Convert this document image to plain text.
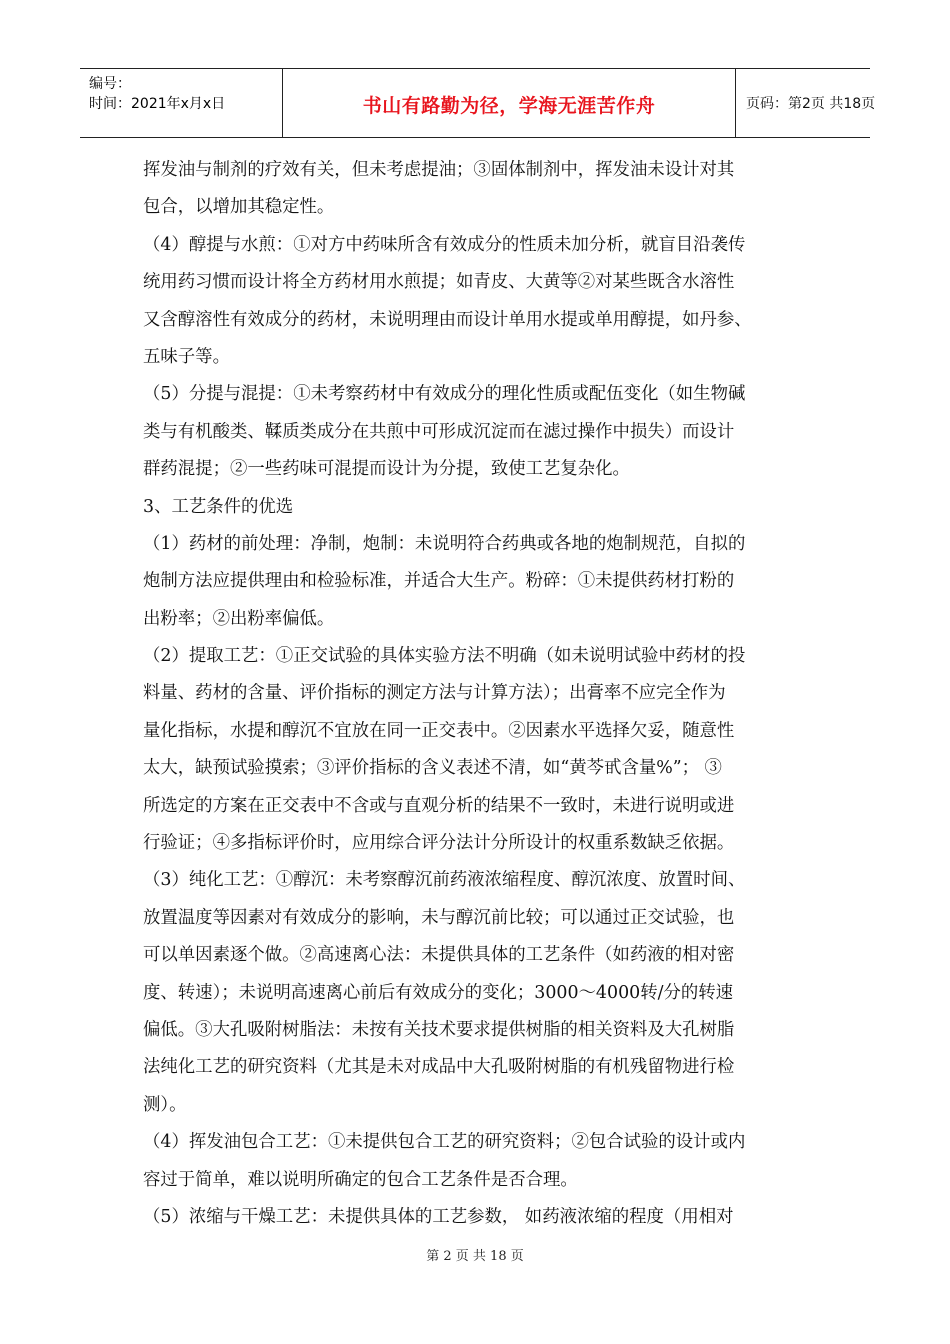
编号：
时间：2021年x月x日	书山有路勤为径，学海无涯苦作舟	页码：第2页 共18页
挥发油与制剂的疗效有关，但未考虑提油；③固体制剂中，挥发油未设计对其
包合，以增加其稳定性。
（4）醇提与水煎：①对方中药味所含有效成分的性质未加分析，就盲目沿袭传
统用药习惯而设计将全方药材用水煎提；如青皮、大黄等②对某些既含水溶性
又含醇溶性有效成分的药材，未说明理由而设计单用水提或单用醇提，如丹参、
五味子等。
（5）分提与混提：①未考察药材中有效成分的理化性质或配伍变化（如生物碱
类与有机酸类、鞣质类成分在共煎中可形成沉淀而在滤过操作中损失）而设计
群药混提；②一些药味可混提而设计为分提，致使工艺复杂化。
3、工艺条件的优选
（1）药材的前处理：净制，炮制：未说明符合药典或各地的炮制规范，自拟的
炮制方法应提供理由和检验标准，并适合大生产。粉碎：①未提供药材打粉的
出粉率；②出粉率偏低。
（2）提取工艺：①正交试验的具体实验方法不明确（如未说明试验中药材的投
料量、药材的含量、评价指标的测定方法与计算方法）；出膏率不应完全作为
量化指标，水提和醇沉不宜放在同一正交表中。②因素水平选择欠妥，随意性
太大，缺预试验摸索；③评价指标的含义表述不清，如“黄芩甙含量%”； ③
所选定的方案在正交表中不含或与直观分析的结果不一致时，未进行说明或进
行验证；④多指标评价时，应用综合评分法计分所设计的权重系数缺乏依据。
（3）纯化工艺：①醇沉：未考察醇沉前药液浓缩程度、醇沉浓度、放置时间、
放置温度等因素对有效成分的影响，未与醇沉前比较；可以通过正交试验，也
可以单因素逐个做。②高速离心法：未提供具体的工艺条件（如药液的相对密
度、转速）；未说明高速离心前后有效成分的变化；3000～4000转/分的转速
偏低。③大孔吸附树脂法：未按有关技术要求提供树脂的相关资料及大孔树脂
法纯化工艺的研究资料（尤其是未对成品中大孔吸附树脂的有机残留物进行检
测）。
（4）挥发油包合工艺：①未提供包合工艺的研究资料；②包合试验的设计或内
容过于简单，难以说明所确定的包合工艺条件是否合理。
（5）浓缩与干燥工艺：未提供具体的工艺参数， 如药液浓缩的程度（用相对
第 2 页 共 18 页
